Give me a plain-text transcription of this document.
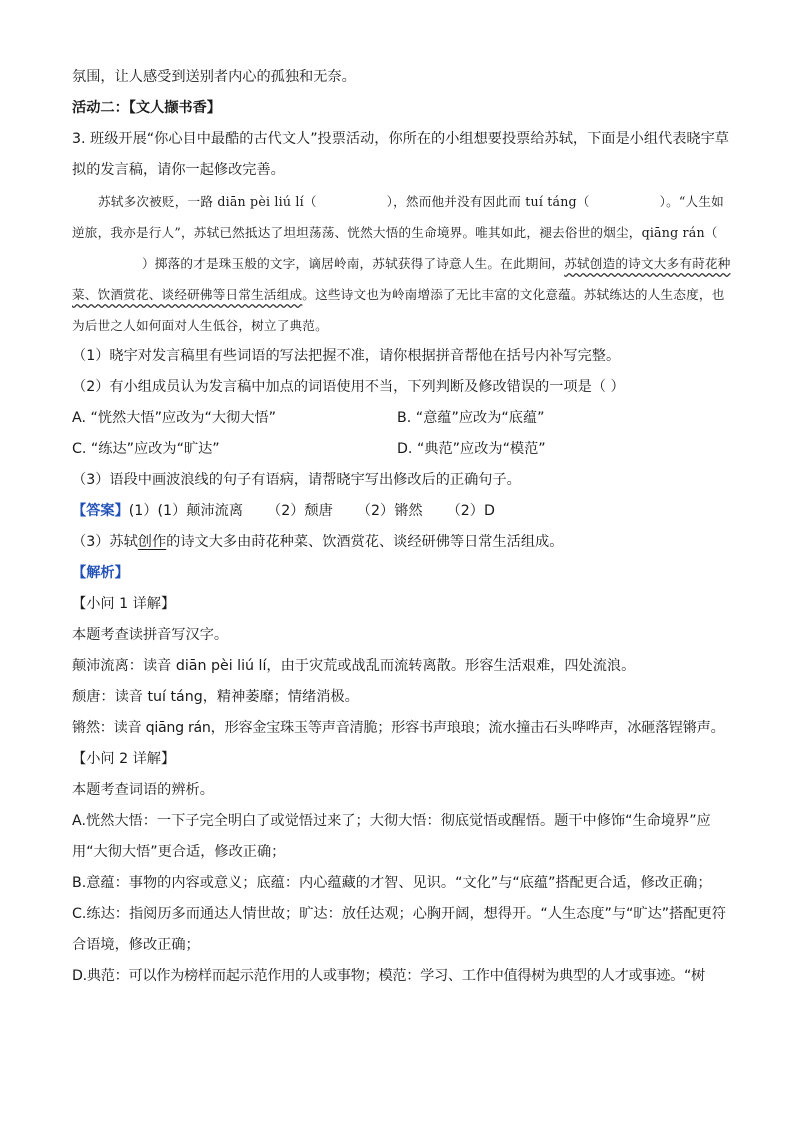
氛围，让人感受到送别者内心的孤独和无奈。
活动二：【文人撷书香】
3. 班级开展“你心目中最酷的古代文人”投票活动，你所在的小组想要投票给苏轼，下面是小组代表晓宇草拟的发言稿，请你一起修改完善。

苏轼多次被贬，一路 diān pèi liú lí（	），然而他并没有因此而 tuí táng（	）。“人生如逆旅，我亦是行人”，苏轼已然抵达了坦坦荡荡、恍然大悟的生命境界。唯其如此，褪去俗世的烟尘，qiāng rán（）掷落的才是珠玉般的文字，谪居岭南，苏轼获得了诗意人生。在此期间，苏轼创造的诗文大多有莳花种菜、饮酒赏花、谈经研佛等日常生活组成。这些诗文也为岭南增添了无比丰富的文化意蕴。苏轼练达的人生态度，也为后世之人如何面对人生低谷，树立了典范。

（1）晓宇对发言稿里有些词语的写法把握不准，请你根据拼音帮他在括号内补写完整。
（2）有小组成员认为发言稿中加点的词语使用不当，下列判断及修改错误的一项是（ ）
A. “恍然大悟”应改为“大彻大悟”	B. “意蕴”应改为“底蕴”
C. “练达”应改为“旷达”	D. “典范”应改为“模范”
（3）语段中画波浪线的句子有语病，请帮晓宇写出修改后的正确句子。
【答案】(1）(1）颠沛流离 （2）颓唐 （2）锵然 （2）D
（3）苏轼创作的诗文大多由莳花种菜、饮酒赏花、谈经研佛等日常生活组成。
【解析】
【小问 1 详解】
本题考查读拼音写汉字。
颠沛流离：读音 diān pèi liú lí，由于灾荒或战乱而流转离散。形容生活艰难，四处流浪。
颓唐：读音 tuí táng，精神萎靡；情绪消极。
锵然：读音 qiāng rán，形容金宝珠玉等声音清脆；形容书声琅琅；流水撞击石头哗哗声，冰砸落锃锵声。
【小问 2 详解】
本题考查词语的辨析。
A.恍然大悟：一下子完全明白了或觉悟过来了；大彻大悟：彻底觉悟或醒悟。题干中修饰“生命境界”应用“大彻大悟”更合适，修改正确；
B.意蕴：事物的内容或意义；底蕴：内心蕴藏的才智、见识。“文化”与“底蕴”搭配更合适，修改正确；
C.练达：指阅历多而通达人情世故；旷达：放任达观；心胸开阔，想得开。“人生态度”与“旷达”搭配更符合语境，修改正确；
D.典范：可以作为榜样而起示范作用的人或事物；模范：学习、工作中值得树为典型的人才或事迹。“树
